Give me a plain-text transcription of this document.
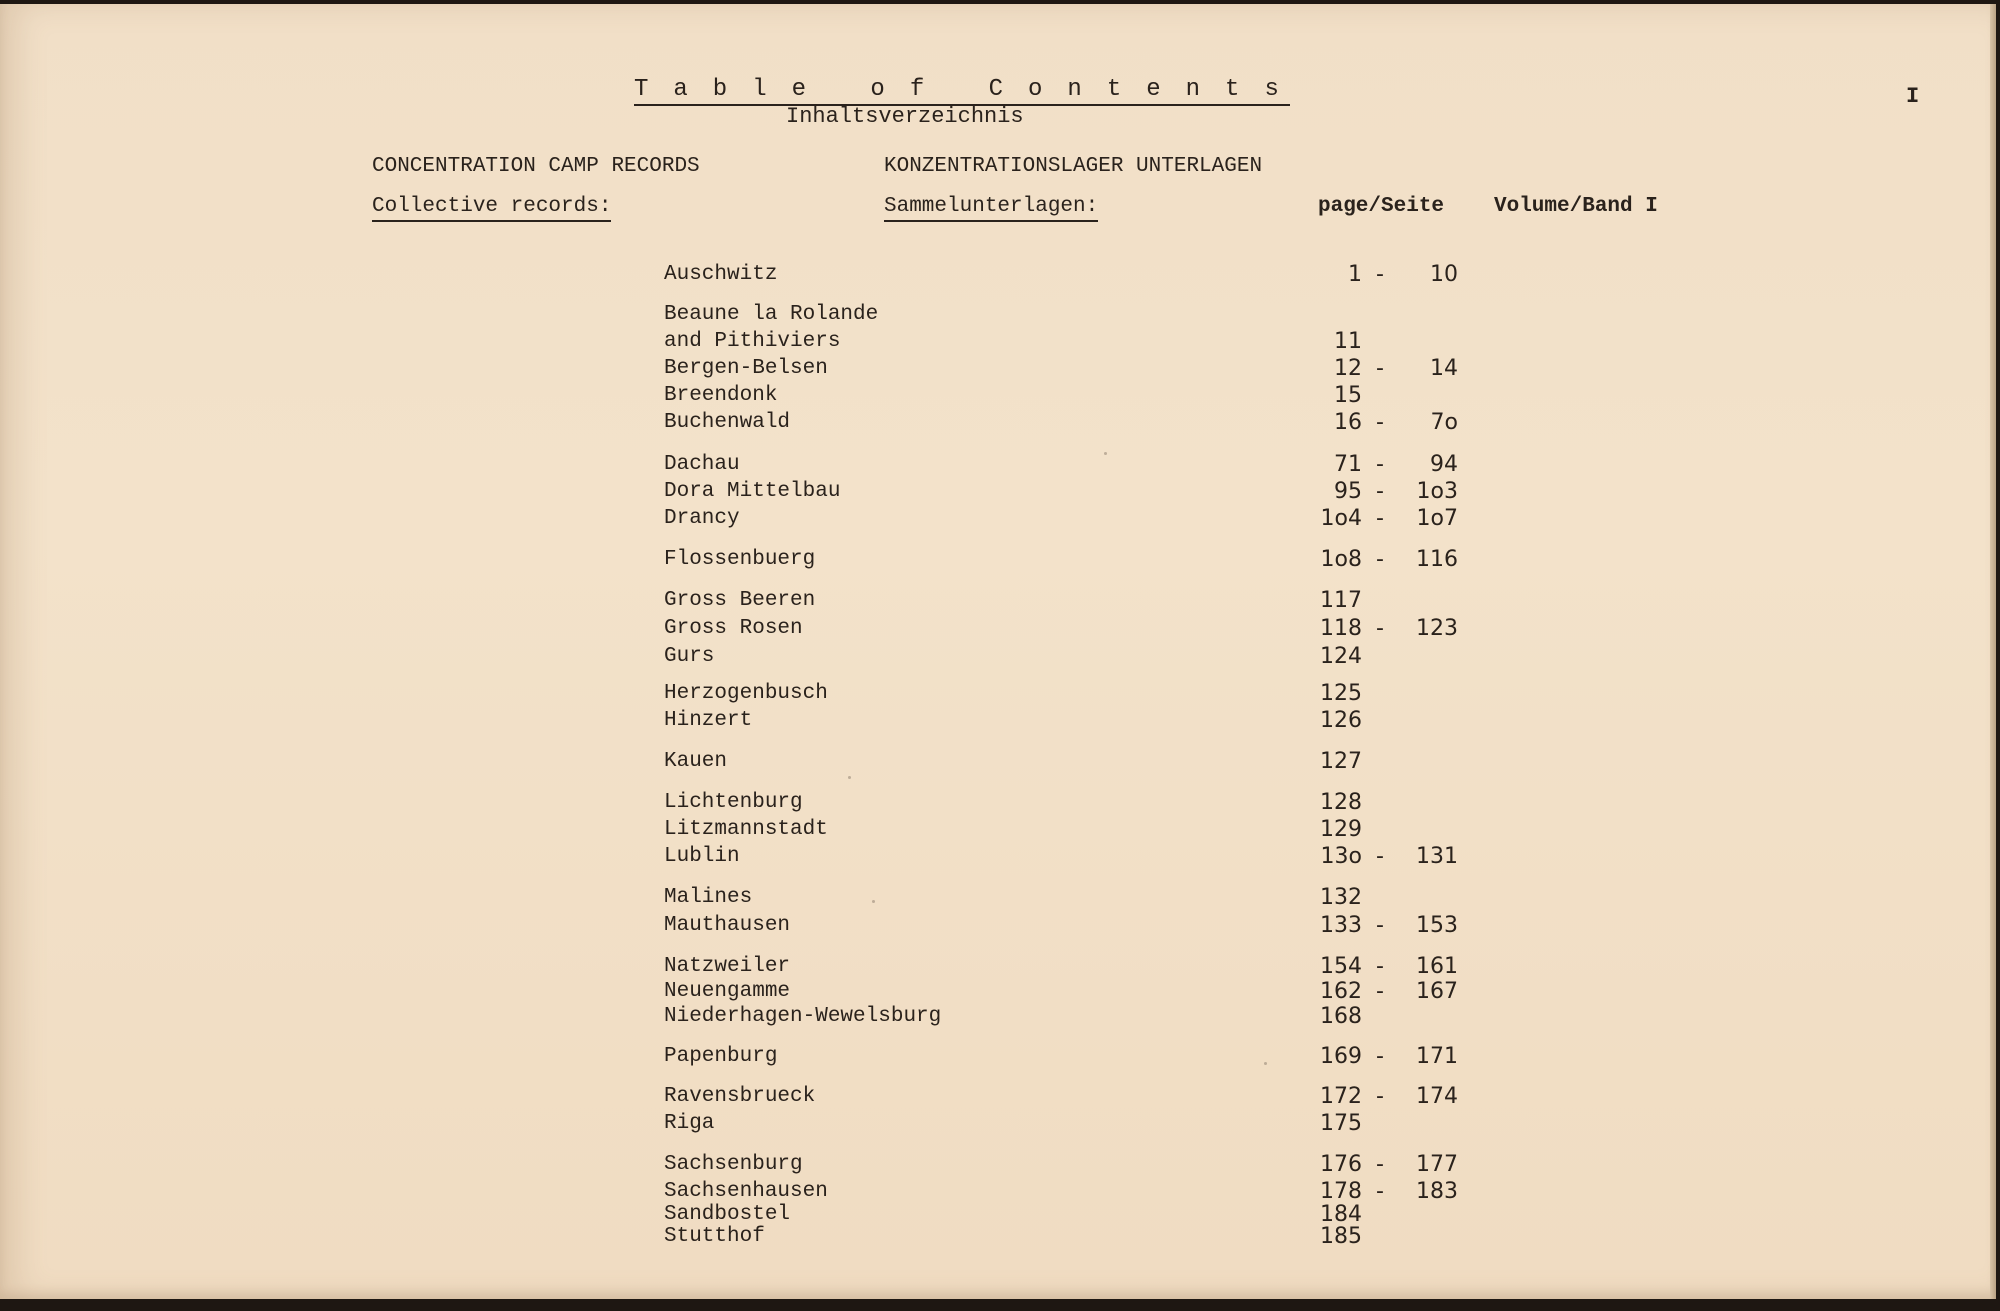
Table of Contents
Inhaltsverzeichnis
I
CONCENTRATION CAMP RECORDS	KONZENTRATIONSLAGER UNTERLAGEN
Collective records:	Sammelunterlagen:	page/Seite Volume/Band I
Auschwitz	1 - 10
Beaune la Rolande
and Pithiviers	11
Bergen-Belsen	12 - 14
Breendonk	15
Buchenwald	16 - 7o
Dachau	71 - 94
Dora Mittelbau	95 - 1o3
Drancy	1o4 - 1o7
Flossenbuerg	1o8 - 116
Gross Beeren	117
Gross Rosen	118 - 123
Gurs	124
Herzogenbusch	125
Hinzert	126
Kauen	127
Lichtenburg	128
Litzmannstadt	129
Lublin	13o - 131
Malines	132
Mauthausen	133 - 153
Natzweiler	154 - 161
Neuengamme	162 - 167
Niederhagen-Wewelsburg	168
Papenburg	169 - 171
Ravensbrueck	172 - 174
Riga	175
Sachsenburg	176 - 177
Sachsenhausen	178 - 183
Sandbostel	184
Stutthof	185
